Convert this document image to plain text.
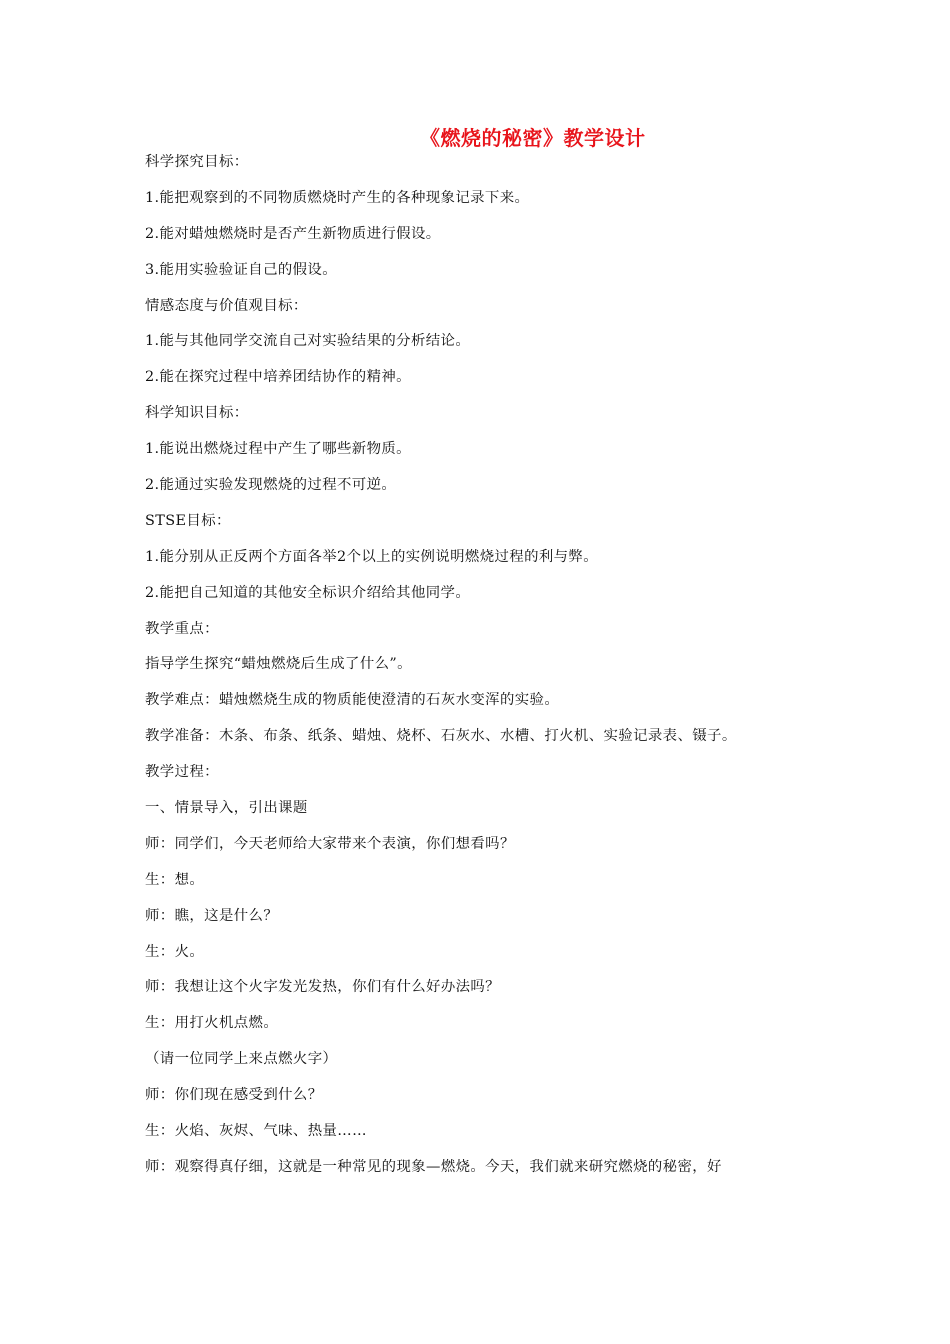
《燃烧的秘密》教学设计
科学探究目标：
1.能把观察到的不同物质燃烧时产生的各种现象记录下来。
2.能对蜡烛燃烧时是否产生新物质进行假设。
3.能用实验验证自己的假设。
情感态度与价值观目标：
1.能与其他同学交流自己对实验结果的分析结论。
2.能在探究过程中培养团结协作的精神。
科学知识目标：
1.能说出燃烧过程中产生了哪些新物质。
2.能通过实验发现燃烧的过程不可逆。
STSE目标：
1.能分别从正反两个方面各举2个以上的实例说明燃烧过程的利与弊。
2.能把自己知道的其他安全标识介绍给其他同学。
教学重点：
指导学生探究“蜡烛燃烧后生成了什么”。
教学难点：蜡烛燃烧生成的物质能使澄清的石灰水变浑的实验。
教学准备：木条、布条、纸条、蜡烛、烧杯、石灰水、水槽、打火机、实验记录表、镊子。
教学过程：
一、情景导入，引出课题
师：同学们，今天老师给大家带来个表演，你们想看吗？
生：想。
师：瞧，这是什么？
生：火。
师：我想让这个火字发光发热，你们有什么好办法吗？
生：用打火机点燃。
（请一位同学上来点燃火字）
师：你们现在感受到什么？
生：火焰、灰烬、气味、热量……
师：观察得真仔细，这就是一种常见的现象—燃烧。今天，我们就来研究燃烧的秘密，好
